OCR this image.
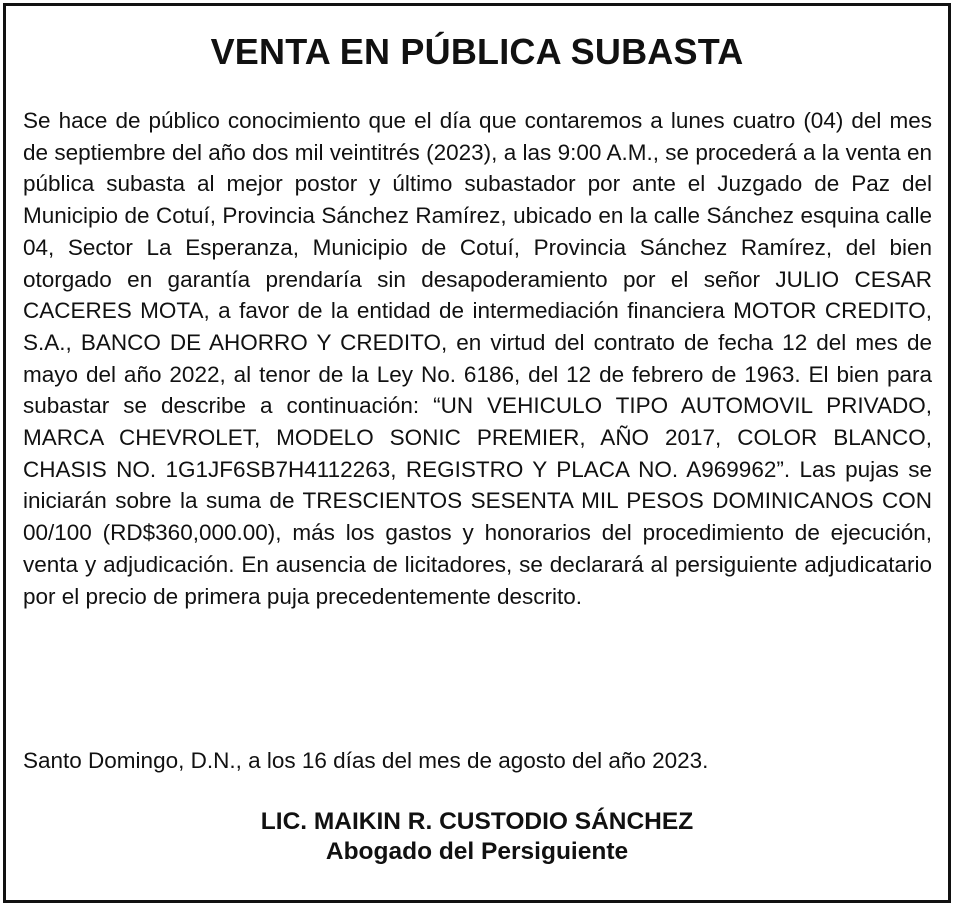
VENTA EN PÚBLICA SUBASTA

Se hace de público conocimiento que el día que contaremos a lunes cuatro (04) del mes de septiembre del año dos mil veintitrés (2023), a las 9:00 A.M., se procederá a la venta en pública subasta al mejor postor y último subastador por ante el Juzgado de Paz del Municipio de Cotuí, Provincia Sánchez Ramírez, ubicado en la calle Sánchez esquina calle 04, Sector La Esperanza, Municipio de Cotuí, Provincia Sánchez Ramírez, del bien otorgado en garantía prendaría sin desapoderamiento por el señor JULIO CESAR CACERES MOTA, a favor de la entidad de intermediación financiera MOTOR CREDITO, S.A., BANCO DE AHORRO Y CREDITO, en virtud del contrato de fecha 12 del mes de mayo del año 2022, al tenor de la Ley No. 6186, del 12 de febrero de 1963. El bien para subastar se describe a continuación: “UN VEHICULO TIPO AUTOMOVIL PRIVADO, MARCA CHEVROLET, MODELO SONIC PREMIER, AÑO 2017, COLOR BLANCO, CHASIS NO. 1G1JF6SB7H4112263, REGISTRO Y PLACA NO. A969962”. Las pujas se iniciarán sobre la suma de TRESCIENTOS SESENTA MIL PESOS DOMINICANOS CON 00/100 (RD$360,000.00), más los gastos y honorarios del procedimiento de ejecución, venta y adjudicación. En ausencia de licitadores, se declarará al persiguiente adjudicatario por el precio de primera puja precedentemente descrito.

Santo Domingo, D.N., a los 16 días del mes de agosto del año 2023.

LIC. MAIKIN R. CUSTODIO SÁNCHEZ
Abogado del Persiguiente
